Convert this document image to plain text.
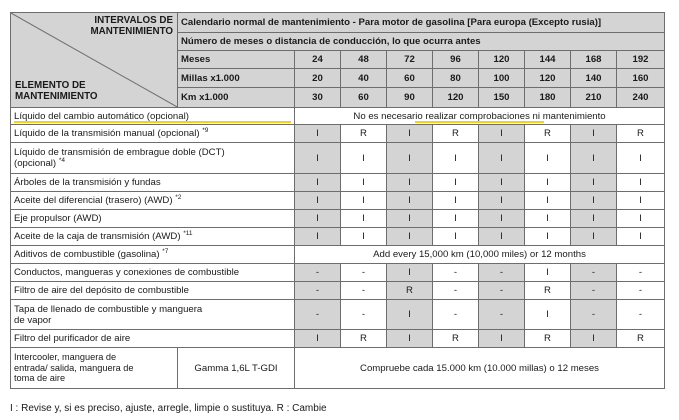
INTERVALOS DE
MANTENIMIENTO
ELEMENTO DE
MANTENIMIENTO	Calendario normal de mantenimiento - Para motor de gasolina [Para europa (Excepto rusia)]								
	Número de meses o distancia de conducción, lo que ocurra antes								
	Meses	24	48	72	96	120	144	168	192
	Millas x1.000	20	40	60	80	100	120	140	160
	Km x1.000	30	60	90	120	150	180	210	240
Líquido del cambio automático (opcional)		No es necesario realizar comprobaciones ni mantenimiento							

Líquido de la transmisión manual (opcional) $^{*9}$		I	R	I	R	I	R	I	R

Líquido de transmisión de embrague doble (DCT)
(opcional) $^{*4}$		I	I	I	I	I	I	I	I
Árboles de la transmisión y fundas		I	I	I	I	I	I	I	I
Aceite del diferencial (trasero) (AWD) $^{*2}$		I	I	I	I	I	I	I	I
Eje propulsor (AWD)		I	I	I	I	I	I	I	I
Aceite de la caja de transmisión (AWD) $^{*11}$		I	I	I	I	I	I	I	I
Aditivos de combustible (gasolina) $^{*7}$		Add every 15,000 km (10,000 miles) or 12 months							
Conductos, mangueras y conexiones de combustible		-	-	I	-	-	I	-	-
Filtro de aire del depósito de combustible		-	-	R	-	-	R	-	-

Tapa de llenado de combustible y manguera
de vapor		-	-	I	-	-	I	-	-
Filtro del purificador de aire		I	R	I	R	I	R	I	R

Intercooler, manguera de
entrada/ salida, manguera de
toma de aire	Gamma 1,6L T-GDI	Compruebe cada 15.000 km (10.000 millas) o 12 meses							
I : Revise y, si es preciso, ajuste, arregle, limpie o sustituya. R : Cambie
